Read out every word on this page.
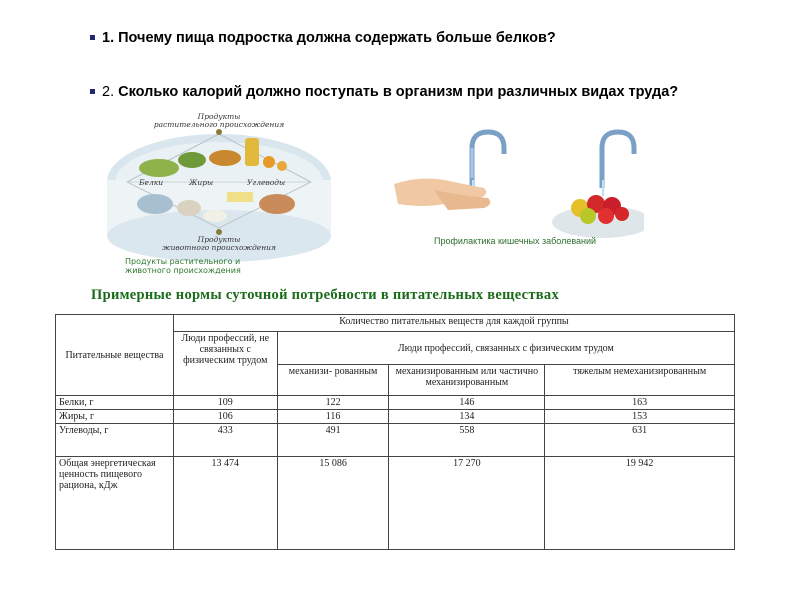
1. Почему пища подростка должна содержать больше белков?
2. Сколько калорий должно поступать в организм при различных видах труда?
Продукты
растительного происхождения
Белки	Жиры	Углеводы
Продукты
животного происхождения
Продукты растительного и
животного происхождения
Профилактика кишечных заболеваний
Примерные нормы суточной потребности в питательных веществах
Питательные вещества	Количество питательных веществ для каждой группы			
	Люди профессий, не связанных с физическим трудом	Люди профессий, связанных с физическим трудом		
		механизи- рованным	механизированным или частично механизированным	тяжелым немеханизированным
Белки, г	109	122	146	163
Жиры, г	106	116	134	153
Углеводы, г	433	491	558	631
Общая энергетическая ценность пищевого рациона, кДж	13 474	15 086	17 270	19 942
